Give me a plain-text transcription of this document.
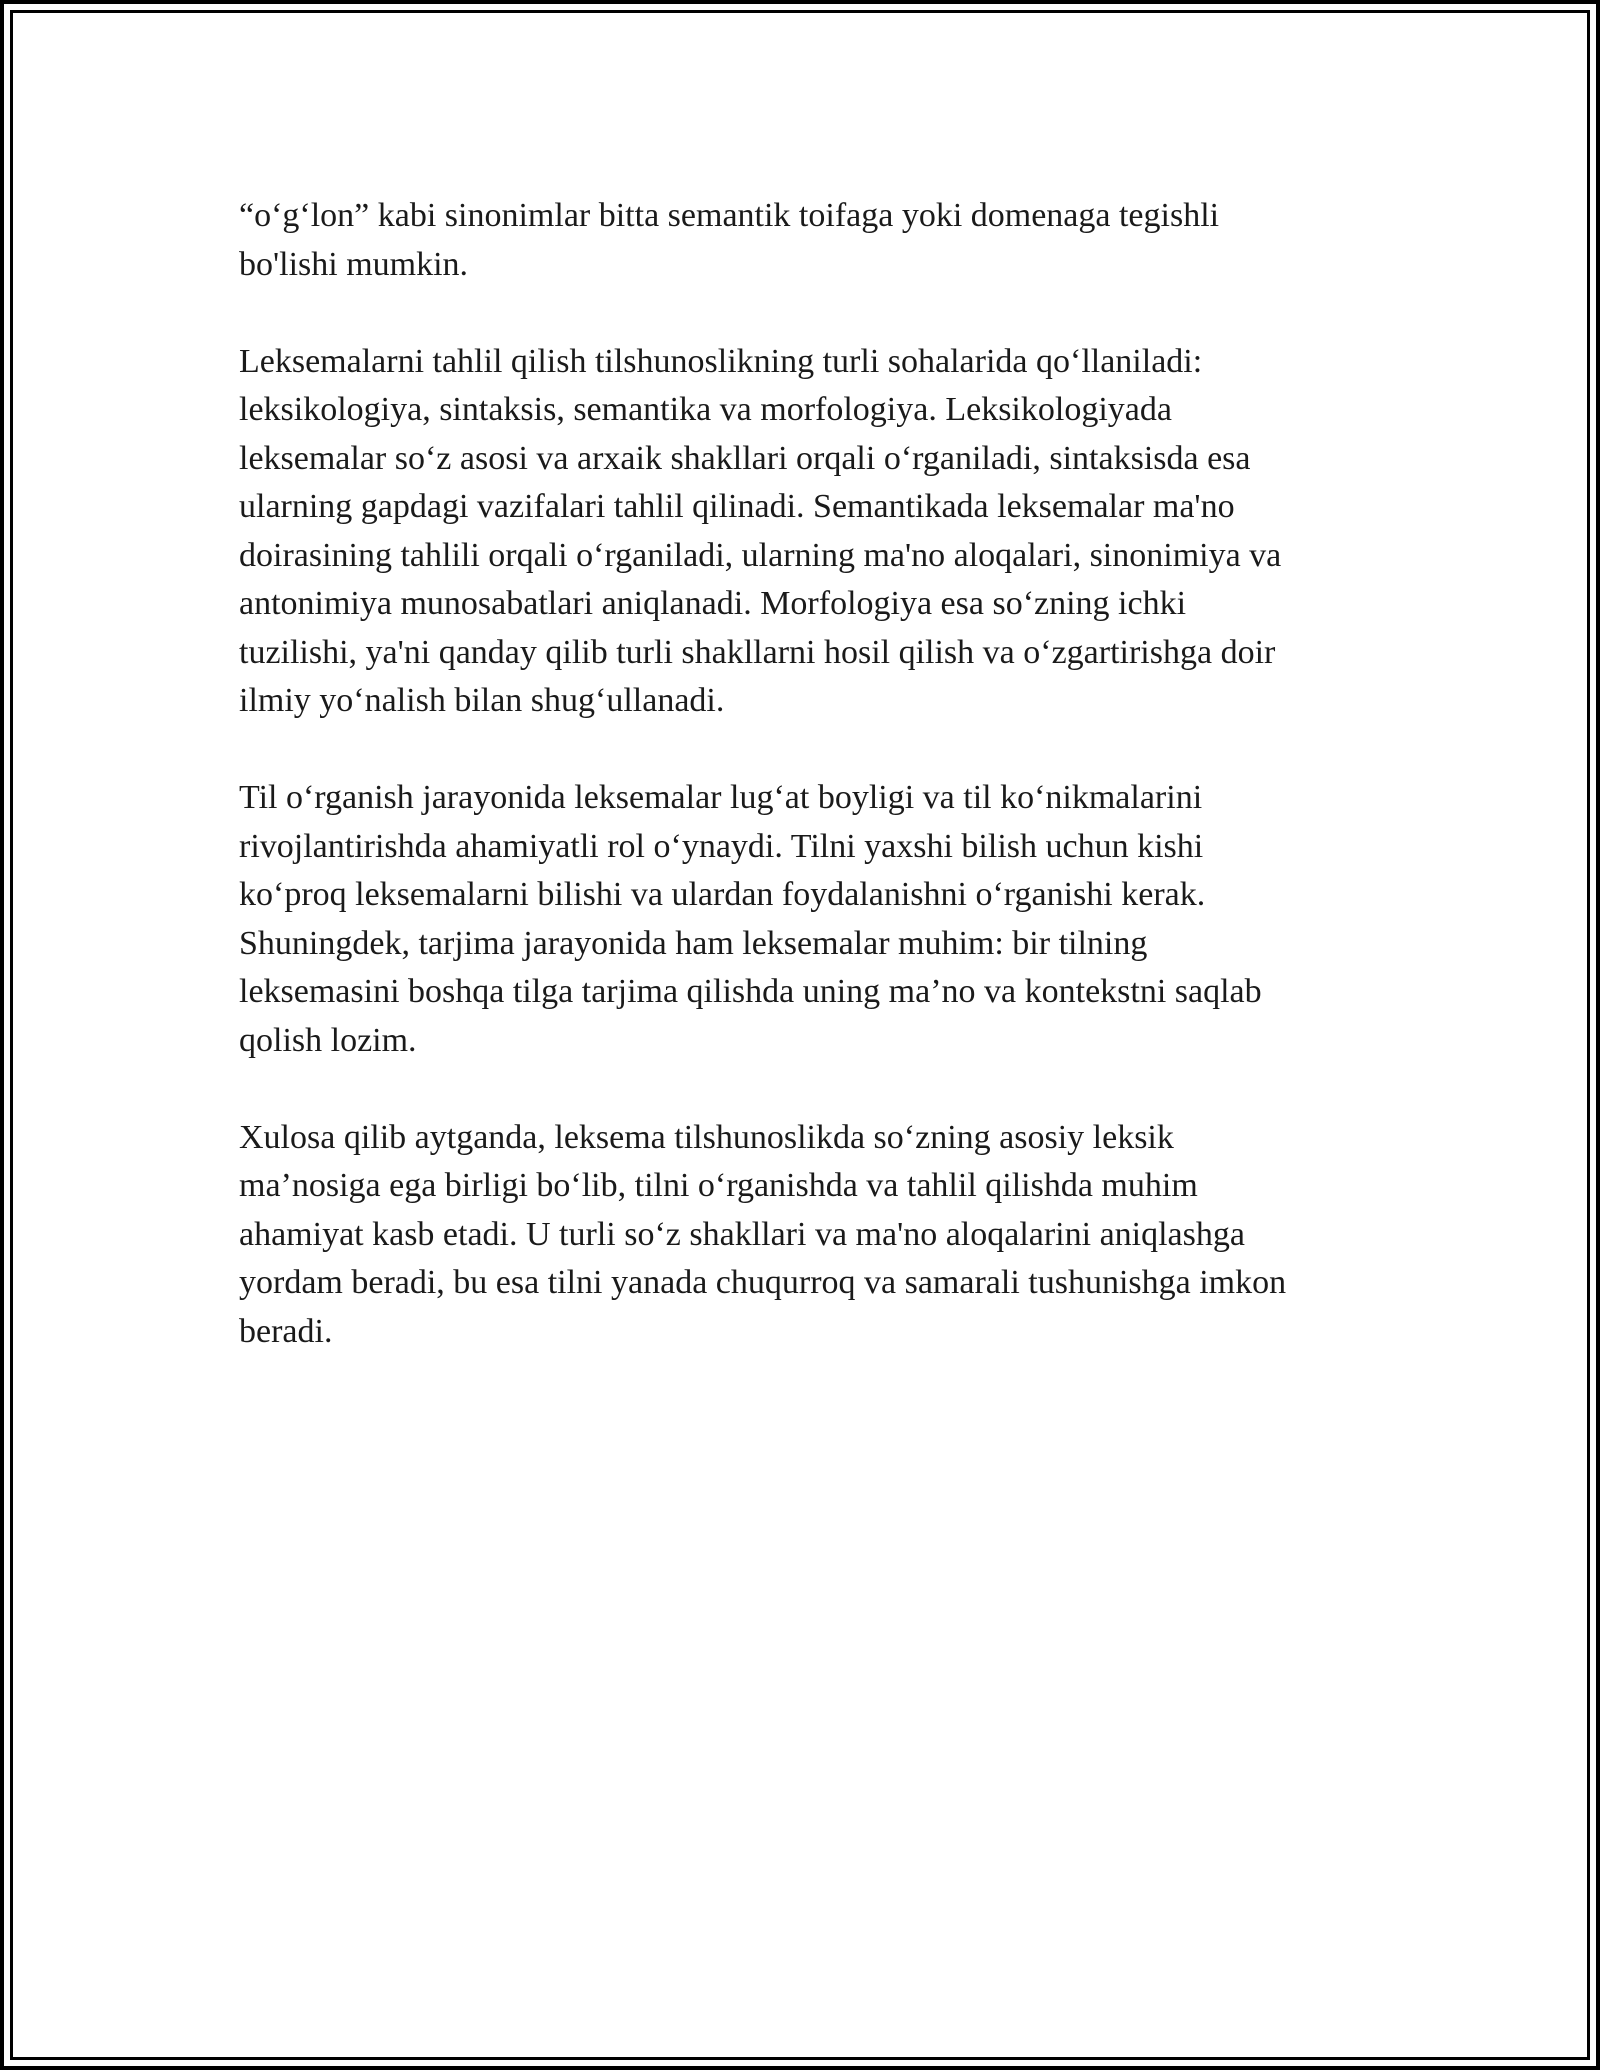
“o‘g‘lon” kabi sinonimlar bitta semantik toifaga yoki domenaga tegishli
bo'lishi mumkin.

Leksemalarni tahlil qilish tilshunoslikning turli sohalarida qo‘llaniladi:
leksikologiya, sintaksis, semantika va morfologiya. Leksikologiyada
leksemalar so‘z asosi va arxaik shakllari orqali o‘rganiladi, sintaksisda esa
ularning gapdagi vazifalari tahlil qilinadi. Semantikada leksemalar ma'no
doirasining tahlili orqali o‘rganiladi, ularning ma'no aloqalari, sinonimiya va
antonimiya munosabatlari aniqlanadi. Morfologiya esa so‘zning ichki
tuzilishi, ya'ni qanday qilib turli shakllarni hosil qilish va o‘zgartirishga doir
ilmiy yo‘nalish bilan shug‘ullanadi.

Til o‘rganish jarayonida leksemalar lug‘at boyligi va til ko‘nikmalarini
rivojlantirishda ahamiyatli rol o‘ynaydi. Tilni yaxshi bilish uchun kishi
ko‘proq leksemalarni bilishi va ulardan foydalanishni o‘rganishi kerak.
Shuningdek, tarjima jarayonida ham leksemalar muhim: bir tilning
leksemasini boshqa tilga tarjima qilishda uning ma’no va kontekstni saqlab
qolish lozim.

Xulosa qilib aytganda, leksema tilshunoslikda so‘zning asosiy leksik
ma’nosiga ega birligi bo‘lib, tilni o‘rganishda va tahlil qilishda muhim
ahamiyat kasb etadi. U turli so‘z shakllari va ma'no aloqalarini aniqlashga
yordam beradi, bu esa tilni yanada chuqurroq va samarali tushunishga imkon
beradi.
